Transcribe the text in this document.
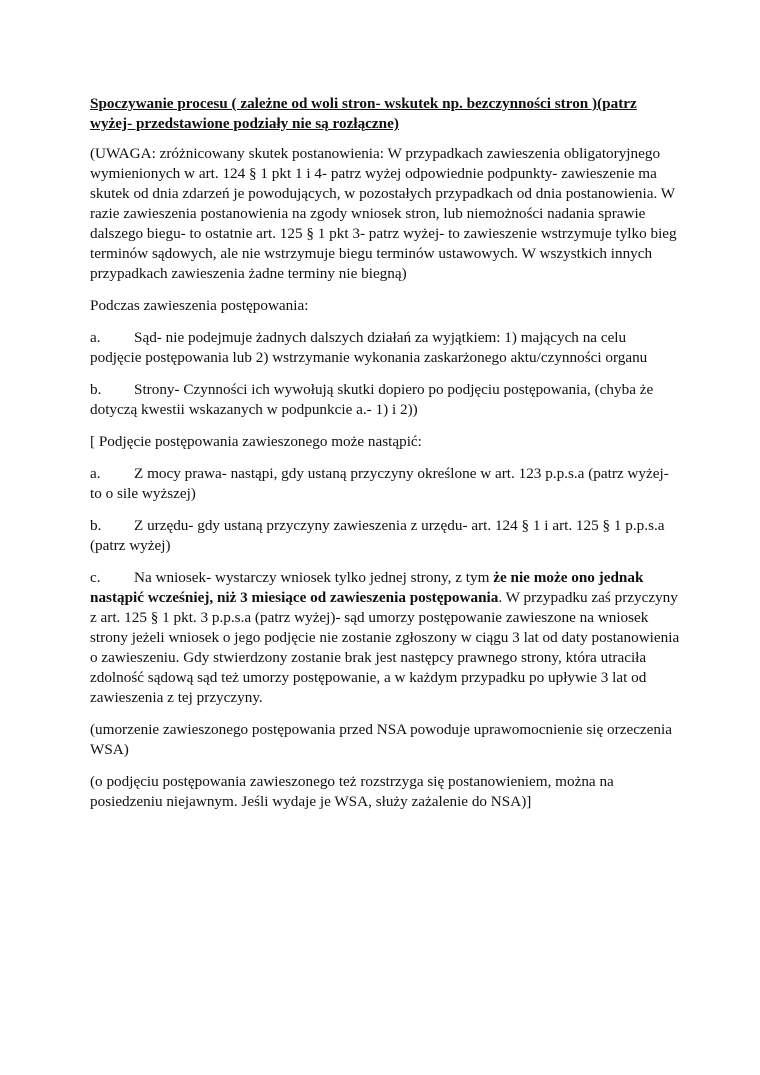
Spoczywanie procesu ( zależne od woli stron- wskutek np. bezczynności stron )(patrz wyżej- przedstawione podziały nie są rozłączne)

(UWAGA: zróżnicowany skutek postanowienia: W przypadkach zawieszenia obligatoryjnego wymienionych w art. 124 § 1 pkt 1 i 4- patrz wyżej odpowiednie podpunkty- zawieszenie ma skutek od dnia zdarzeń je powodujących, w pozostałych przypadkach od dnia postanowienia. W razie zawieszenia postanowienia na zgody wniosek stron, lub niemożności nadania sprawie dalszego biegu- to ostatnie art. 125 § 1 pkt 3- patrz wyżej- to zawieszenie wstrzymuje tylko bieg terminów sądowych, ale nie wstrzymuje biegu terminów ustawowych. W wszystkich innych przypadkach zawieszenia żadne terminy nie biegną)

Podczas zawieszenia postępowania:

a. Sąd- nie podejmuje żadnych dalszych działań za wyjątkiem: 1) mających na celu podjęcie postępowania lub 2) wstrzymanie wykonania zaskarżonego aktu/czynności organu

b. Strony- Czynności ich wywołują skutki dopiero po podjęciu postępowania, (chyba że dotyczą kwestii wskazanych w podpunkcie a.- 1) i 2))

[ Podjęcie postępowania zawieszonego może nastąpić:

a. Z mocy prawa- nastąpi, gdy ustaną przyczyny określone w art. 123 p.p.s.a (patrz wyżej- to o sile wyższej)

b. Z urzędu- gdy ustaną przyczyny zawieszenia z urzędu- art. 124 § 1 i art. 125 § 1 p.p.s.a (patrz wyżej)

c. Na wniosek- wystarczy wniosek tylko jednej strony, z tym że nie może ono jednak nastąpić wcześniej, niż 3 miesiące od zawieszenia postępowania. W przypadku zaś przyczyny z art. 125 § 1 pkt. 3 p.p.s.a (patrz wyżej)- sąd umorzy postępowanie zawieszone na wniosek strony jeżeli wniosek o jego podjęcie nie zostanie zgłoszony w ciągu 3 lat od daty postanowienia o zawieszeniu. Gdy stwierdzony zostanie brak jest następcy prawnego strony, która utraciła zdolność sądową sąd też umorzy postępowanie, a w każdym przypadku po upływie 3 lat od zawieszenia z tej przyczyny.

(umorzenie zawieszonego postępowania przed NSA powoduje uprawomocnienie się orzeczenia WSA)

(o podjęciu postępowania zawieszonego też rozstrzyga się postanowieniem, można na posiedzeniu niejawnym. Jeśli wydaje je WSA, służy zażalenie do NSA)]
